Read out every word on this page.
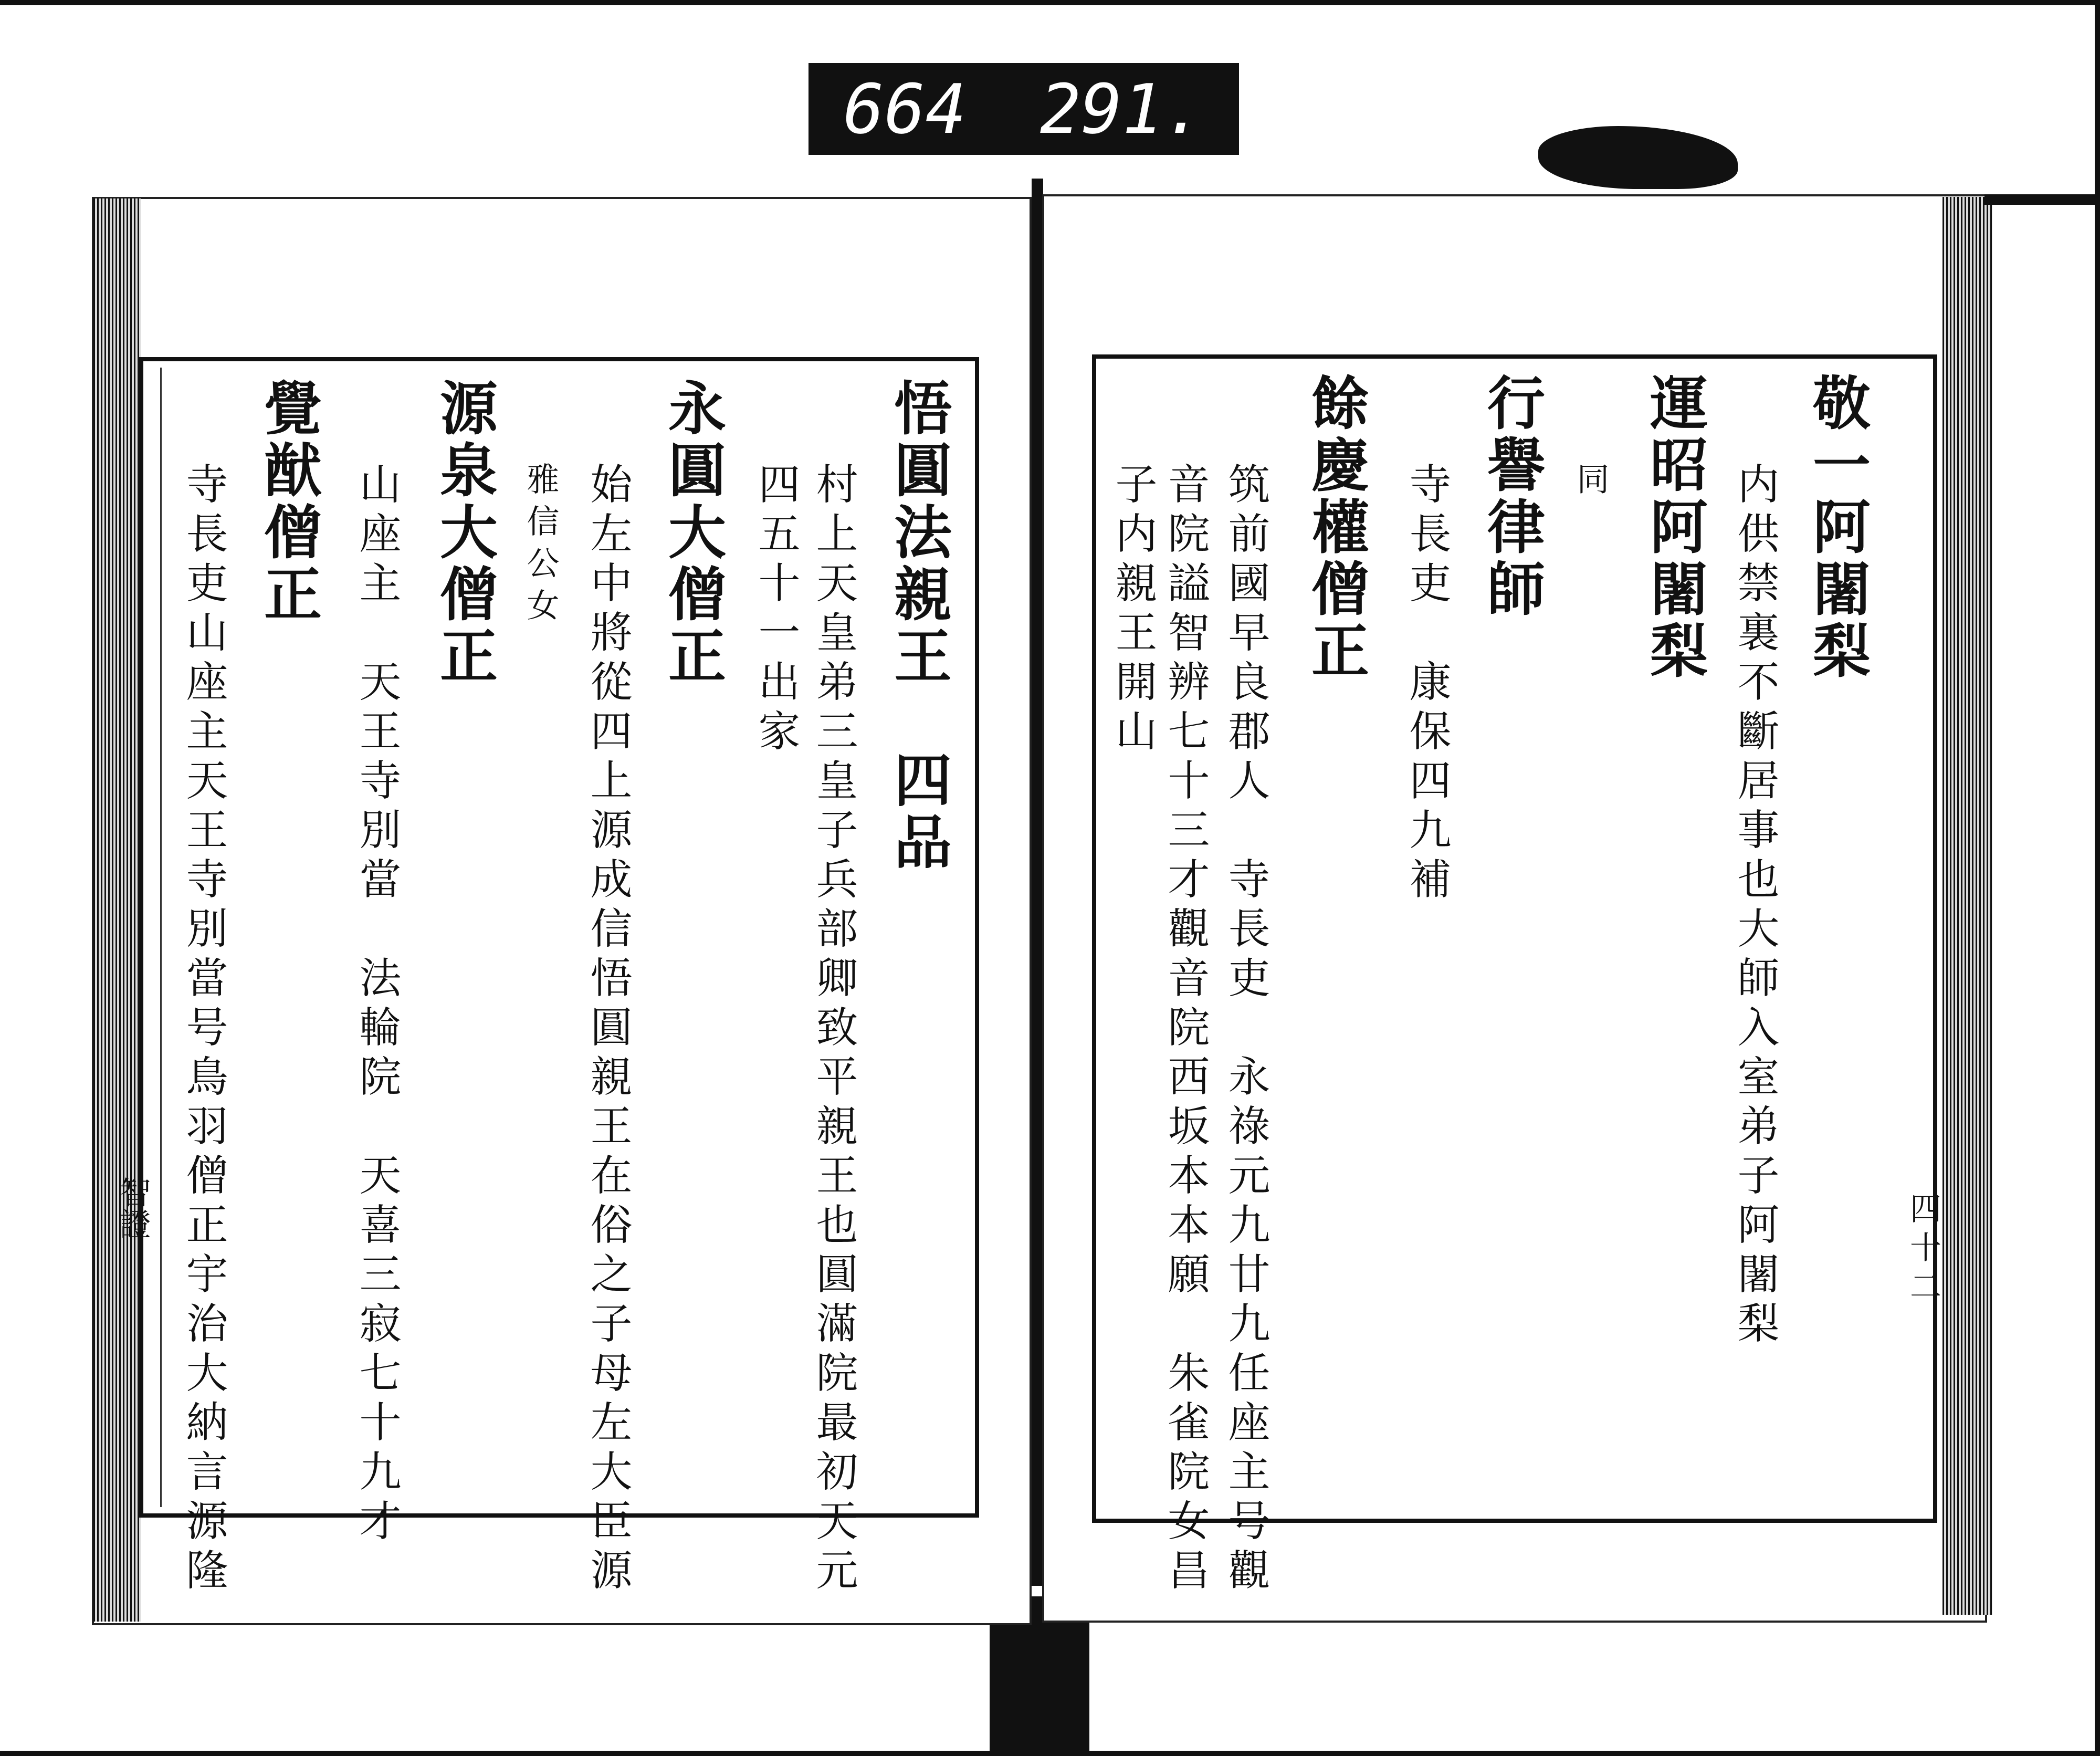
664 291.
四十二
智證
敬一阿闍梨
内供禁裏不斷居事也大師入室弟子阿闍梨
運昭阿闍梨
同
行譽律師
寺長吏　康保四九補
餘慶權僧正
筑前國早良郡人　寺長吏　永祿元九廿九任座主号觀
音院謚智辨七十三才觀音院西坂本本願　朱雀院女昌
子内親王開山
悟圓法親王　四品
村上天皇弟三皇子兵部卿致平親王也圓滿院最初天元
四五十一出家
永圓大僧正
始左中將從四上源成信悟圓親王在俗之子母左大臣源
雅信公女
源泉大僧正
山座主　天王寺別當　法輪院　天喜三寂七十九才
覺猷僧正
寺長吏山座主天王寺別當号鳥羽僧正宇治大納言源隆
